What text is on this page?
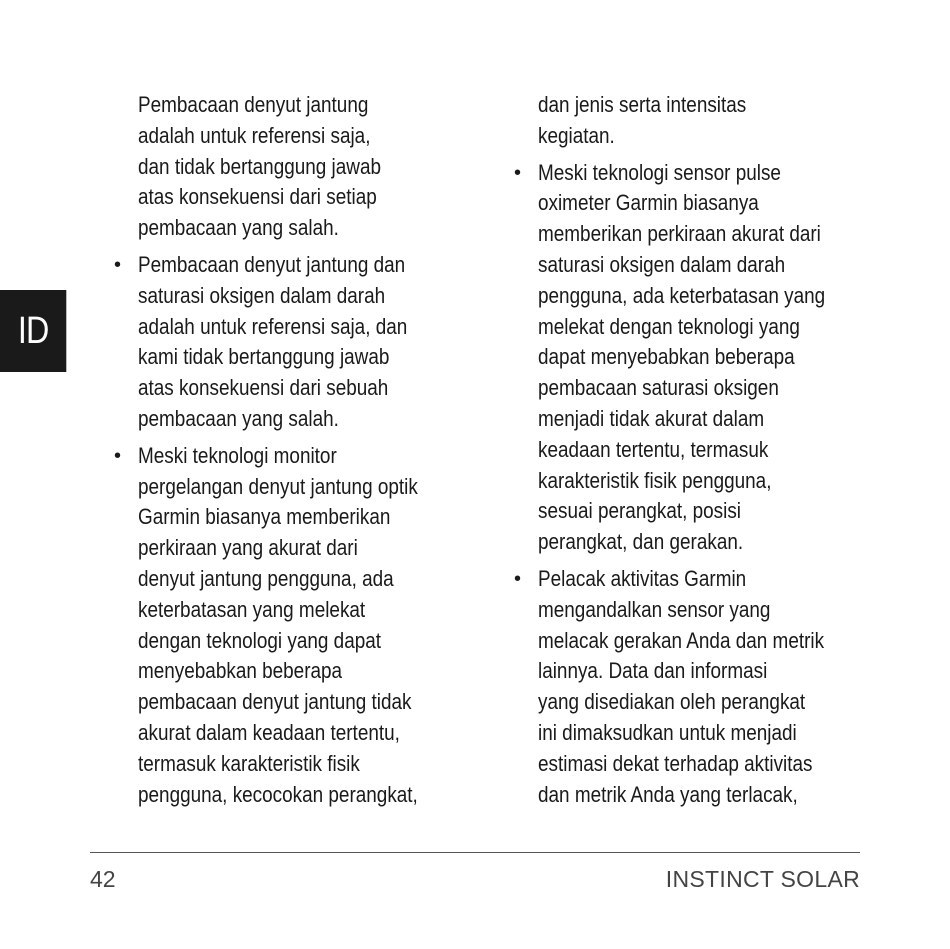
ID
Pembacaan denyut jantung
adalah untuk referensi saja,
dan tidak bertanggung jawab
atas konsekuensi dari setiap
pembacaan yang salah.
• Pembacaan denyut jantung dan
saturasi oksigen dalam darah
adalah untuk referensi saja, dan
kami tidak bertanggung jawab
atas konsekuensi dari sebuah
pembacaan yang salah.
• Meski teknologi monitor
pergelangan denyut jantung optik
Garmin biasanya memberikan
perkiraan yang akurat dari
denyut jantung pengguna, ada
keterbatasan yang melekat
dengan teknologi yang dapat
menyebabkan beberapa
pembacaan denyut jantung tidak
akurat dalam keadaan tertentu,
termasuk karakteristik fisik
pengguna, kecocokan perangkat,
dan jenis serta intensitas
kegiatan.
• Meski teknologi sensor pulse
oximeter Garmin biasanya
memberikan perkiraan akurat dari
saturasi oksigen dalam darah
pengguna, ada keterbatasan yang
melekat dengan teknologi yang
dapat menyebabkan beberapa
pembacaan saturasi oksigen
menjadi tidak akurat dalam
keadaan tertentu, termasuk
karakteristik fisik pengguna,
sesuai perangkat, posisi
perangkat, dan gerakan.
• Pelacak aktivitas Garmin
mengandalkan sensor yang
melacak gerakan Anda dan metrik
lainnya. Data dan informasi
yang disediakan oleh perangkat
ini dimaksudkan untuk menjadi
estimasi dekat terhadap aktivitas
dan metrik Anda yang terlacak,
42	INSTINCT SOLAR
